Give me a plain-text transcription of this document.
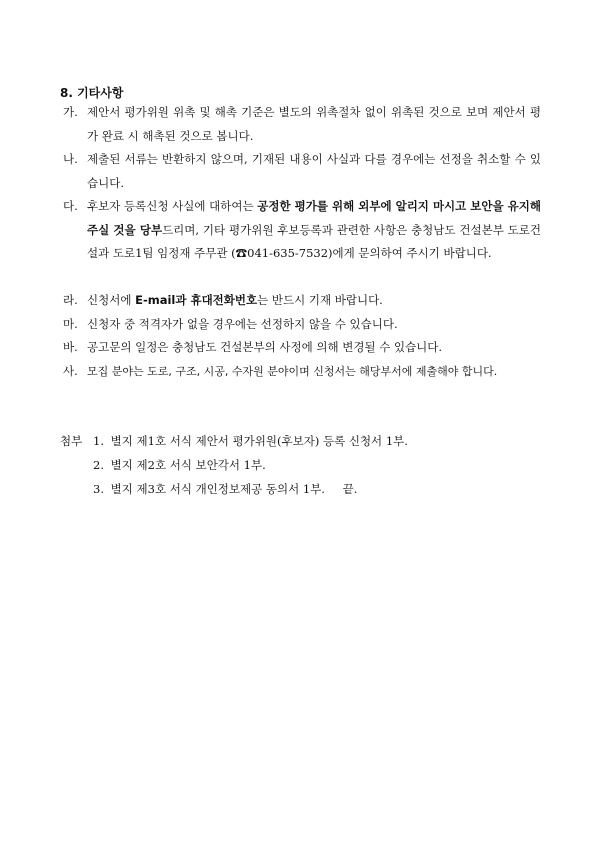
8. 기타사항
가. 제안서 평가위원 위촉 및 해촉 기준은 별도의 위촉절차 없이 위촉된 것으로 보며 제안서 평가 완료 시 해촉된 것으로 봅니다.
나. 제출된 서류는 반환하지 않으며, 기재된 내용이 사실과 다를 경우에는 선정을 취소할 수 있습니다.
다. 후보자 등록신청 사실에 대하여는 공정한 평가를 위해 외부에 알리지 마시고 보안을 유지해 주실 것을 당부드리며, 기타 평가위원 후보등록과 관련한 사항은 충청남도 건설본부 도로건설과 도로1팀 임정재 주무관 (☎041-635-7532)에게 문의하여 주시기 바랍니다.
라. 신청서에 E-mail과 휴대전화번호는 반드시 기재 바랍니다.
마. 신청자 중 적격자가 없을 경우에는 선정하지 않을 수 있습니다.
바. 공고문의 일정은 충청남도 건설본부의 사정에 의해 변경될 수 있습니다.
사. 모집 분야는 도로, 구조, 시공, 수자원 분야이며 신청서는 해당부서에 제출해야 합니다.
첨부 1. 별지 제1호 서식 제안서 평가위원(후보자) 등록 신청서 1부.
2. 별지 제2호 서식 보안각서 1부.
3. 별지 제3호 서식 개인정보제공 동의서 1부. 끝.
